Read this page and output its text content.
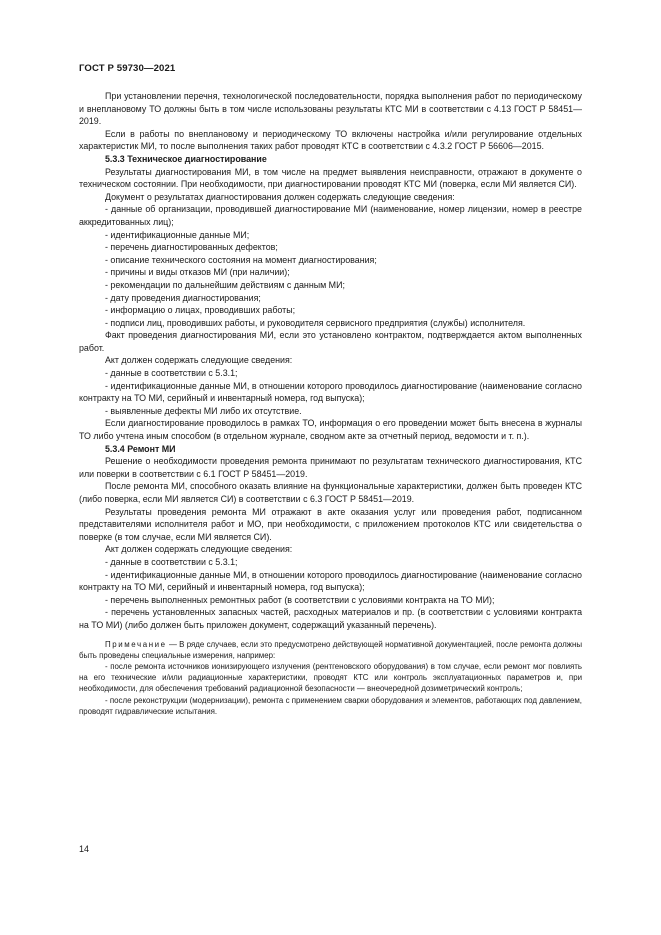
ГОСТ Р 59730—2021

При установлении перечня, технологической последовательности, порядка выполнения работ по периодическому и внеплановому ТО должны быть в том числе использованы результаты КТС МИ в соответствии с 4.13 ГОСТ Р 58451—2019.

Если в работы по внеплановому и периодическому ТО включены настройка и/или регулирование отдельных характеристик МИ, то после выполнения таких работ проводят КТС в соответствии с 4.3.2 ГОСТ Р 56606—2015.

5.3.3 Техническое диагностирование

Результаты диагностирования МИ, в том числе на предмет выявления неисправности, отражают в документе о техническом состоянии. При необходимости, при диагностировании проводят КТС МИ (поверка, если МИ является СИ).

Документ о результатах диагностирования должен содержать следующие сведения:

- данные об организации, проводившей диагностирование МИ (наименование, номер лицензии, номер в реестре аккредитованных лиц);

- идентификационные данные МИ;

- перечень диагностированных дефектов;

- описание технического состояния на момент диагностирования;

- причины и виды отказов МИ (при наличии);

- рекомендации по дальнейшим действиям с данным МИ;

- дату проведения диагностирования;

- информацию о лицах, проводивших работы;

- подписи лиц, проводивших работы, и руководителя сервисного предприятия (службы) исполнителя.

Факт проведения диагностирования МИ, если это установлено контрактом, подтверждается актом выполненных работ.

Акт должен содержать следующие сведения:

- данные в соответствии с 5.3.1;

- идентификационные данные МИ, в отношении которого проводилось диагностирование (наименование согласно контракту на ТО МИ, серийный и инвентарный номера, год выпуска);

- выявленные дефекты МИ либо их отсутствие.

Если диагностирование проводилось в рамках ТО, информация о его проведении может быть внесена в журналы ТО либо учтена иным способом (в отдельном журнале, сводном акте за отчетный период, ведомости и т. п.).

5.3.4 Ремонт МИ

Решение о необходимости проведения ремонта принимают по результатам технического диагностирования, КТС или поверки в соответствии с 6.1 ГОСТ Р 58451—2019.

После ремонта МИ, способного оказать влияние на функциональные характеристики, должен быть проведен КТС (либо поверка, если МИ является СИ) в соответствии с 6.3 ГОСТ Р 58451—2019.

Результаты проведения ремонта МИ отражают в акте оказания услуг или проведения работ, подписанном представителями исполнителя работ и МО, при необходимости, с приложением протоколов КТС или свидетельства о поверке (в том случае, если МИ является СИ).

Акт должен содержать следующие сведения:

- данные в соответствии с 5.3.1;

- идентификационные данные МИ, в отношении которого проводилось диагностирование (наименование согласно контракту на ТО МИ, серийный и инвентарный номера, год выпуска);

- перечень выполненных ремонтных работ (в соответствии с условиями контракта на ТО МИ);

- перечень установленных запасных частей, расходных материалов и пр. (в соответствии с условиями контракта на ТО МИ) (либо должен быть приложен документ, содержащий указанный перечень).

Примечание — В ряде случаев, если это предусмотрено действующей нормативной документацией, после ремонта должны быть проведены специальные измерения, например:

- после ремонта источников ионизирующего излучения (рентгеновского оборудования) в том случае, если ремонт мог повлиять на его технические и/или радиационные характеристики, проводят КТС или контроль эксплуатационных параметров и, при необходимости, для обеспечения требований радиационной безопасности — внеочередной дозиметрический контроль;

- после реконструкции (модернизации), ремонта с применением сварки оборудования и элементов, работающих под давлением, проводят гидравлические испытания.

14
